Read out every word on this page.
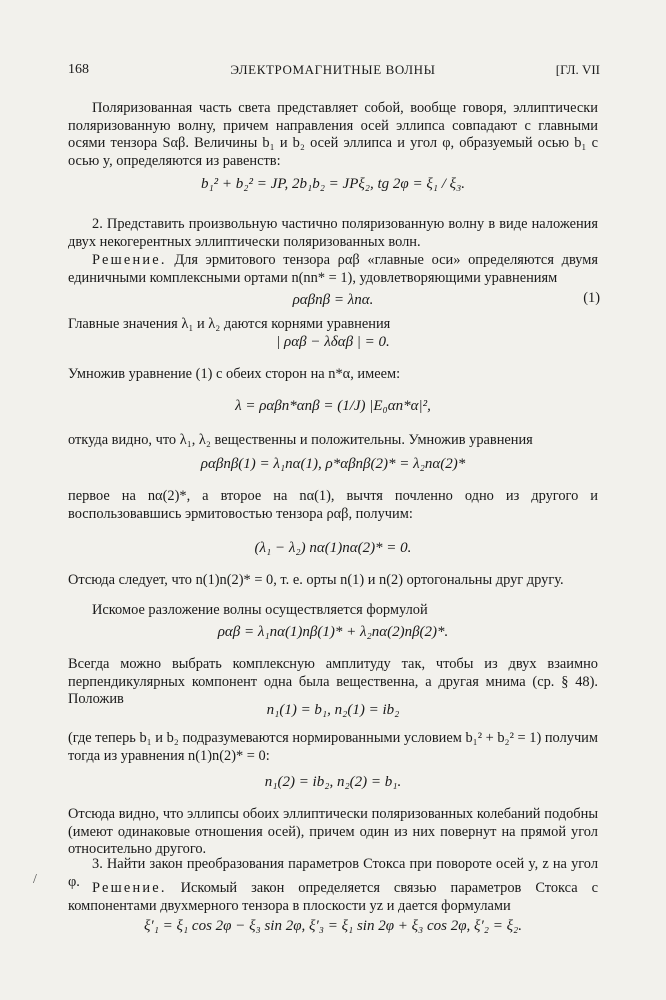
168	ЭЛЕКТРОМАГНИТНЫЕ ВОЛНЫ	[ГЛ. VII
Поляризованная часть света представляет собой, вообще говоря, эллиптически поляризованную волну, причем направления осей эллипса совпадают с главными осями тензора Sαβ. Величины b₁ и b₂ осей эллипса и угол φ, образуемый осью b₁ с осью y, определяются из равенств:
b₁² + b₂² = JP, 2b₁b₂ = JPξ₂, tg 2φ = ξ₁ / ξ₃.
2. Представить произвольную частично поляризованную волну в виде наложения двух некогерентных эллиптически поляризованных волн.
Решение. Для эрмитового тензора ραβ «главные оси» определяются двумя единичными комплексными ортами n(nn* = 1), удовлетворяющими уравнениям
ραβnβ = λnα.	(1)
Главные значения λ₁ и λ₂ даются корнями уравнения
| ραβ − λδαβ | = 0.
Умножив уравнение (1) с обеих сторон на n*α, имеем:
λ = ραβn*αnβ = (1/J) |E₀αn*α|²,
откуда видно, что λ₁, λ₂ вещественны и положительны. Умножив уравнения
ραβnβ(1) = λ₁nα(1), ρ*αβnβ(2)* = λ₂nα(2)*
первое на nα(2)*, а второе на nα(1), вычтя почленно одно из другого и воспользовавшись эрмитовостью тензора ραβ, получим:
(λ₁ − λ₂) nα(1)nα(2)* = 0.
Отсюда следует, что n(1)n(2)* = 0, т. е. орты n(1) и n(2) ортогональны друг другу.
Искомое разложение волны осуществляется формулой
ραβ = λ₁nα(1)nβ(1)* + λ₂nα(2)nβ(2)*.
Всегда можно выбрать комплексную амплитуду так, чтобы из двух взаимно перпендикулярных компонент одна была вещественна, а другая мнима (ср. § 48). Положив
n₁(1) = b₁, n₂(1) = ib₂
(где теперь b₁ и b₂ подразумеваются нормированными условием b₁² + b₂² = 1) получим тогда из уравнения n(1)n(2)* = 0:
n₁(2) = ib₂, n₂(2) = b₁.
Отсюда видно, что эллипсы обоих эллиптически поляризованных колебаний подобны (имеют одинаковые отношения осей), причем один из них повернут на прямой угол относительно другого.
3. Найти закон преобразования параметров Стокса при повороте осей y, z на угол φ. Решение. Искомый закон определяется связью параметров Стокса с компонентами двухмерного тензора в плоскости yz и дается формулами
ξ′₁ = ξ₁ cos 2φ − ξ₃ sin 2φ, ξ′₃ = ξ₁ sin 2φ + ξ₃ cos 2φ, ξ′₂ = ξ₂.
/
